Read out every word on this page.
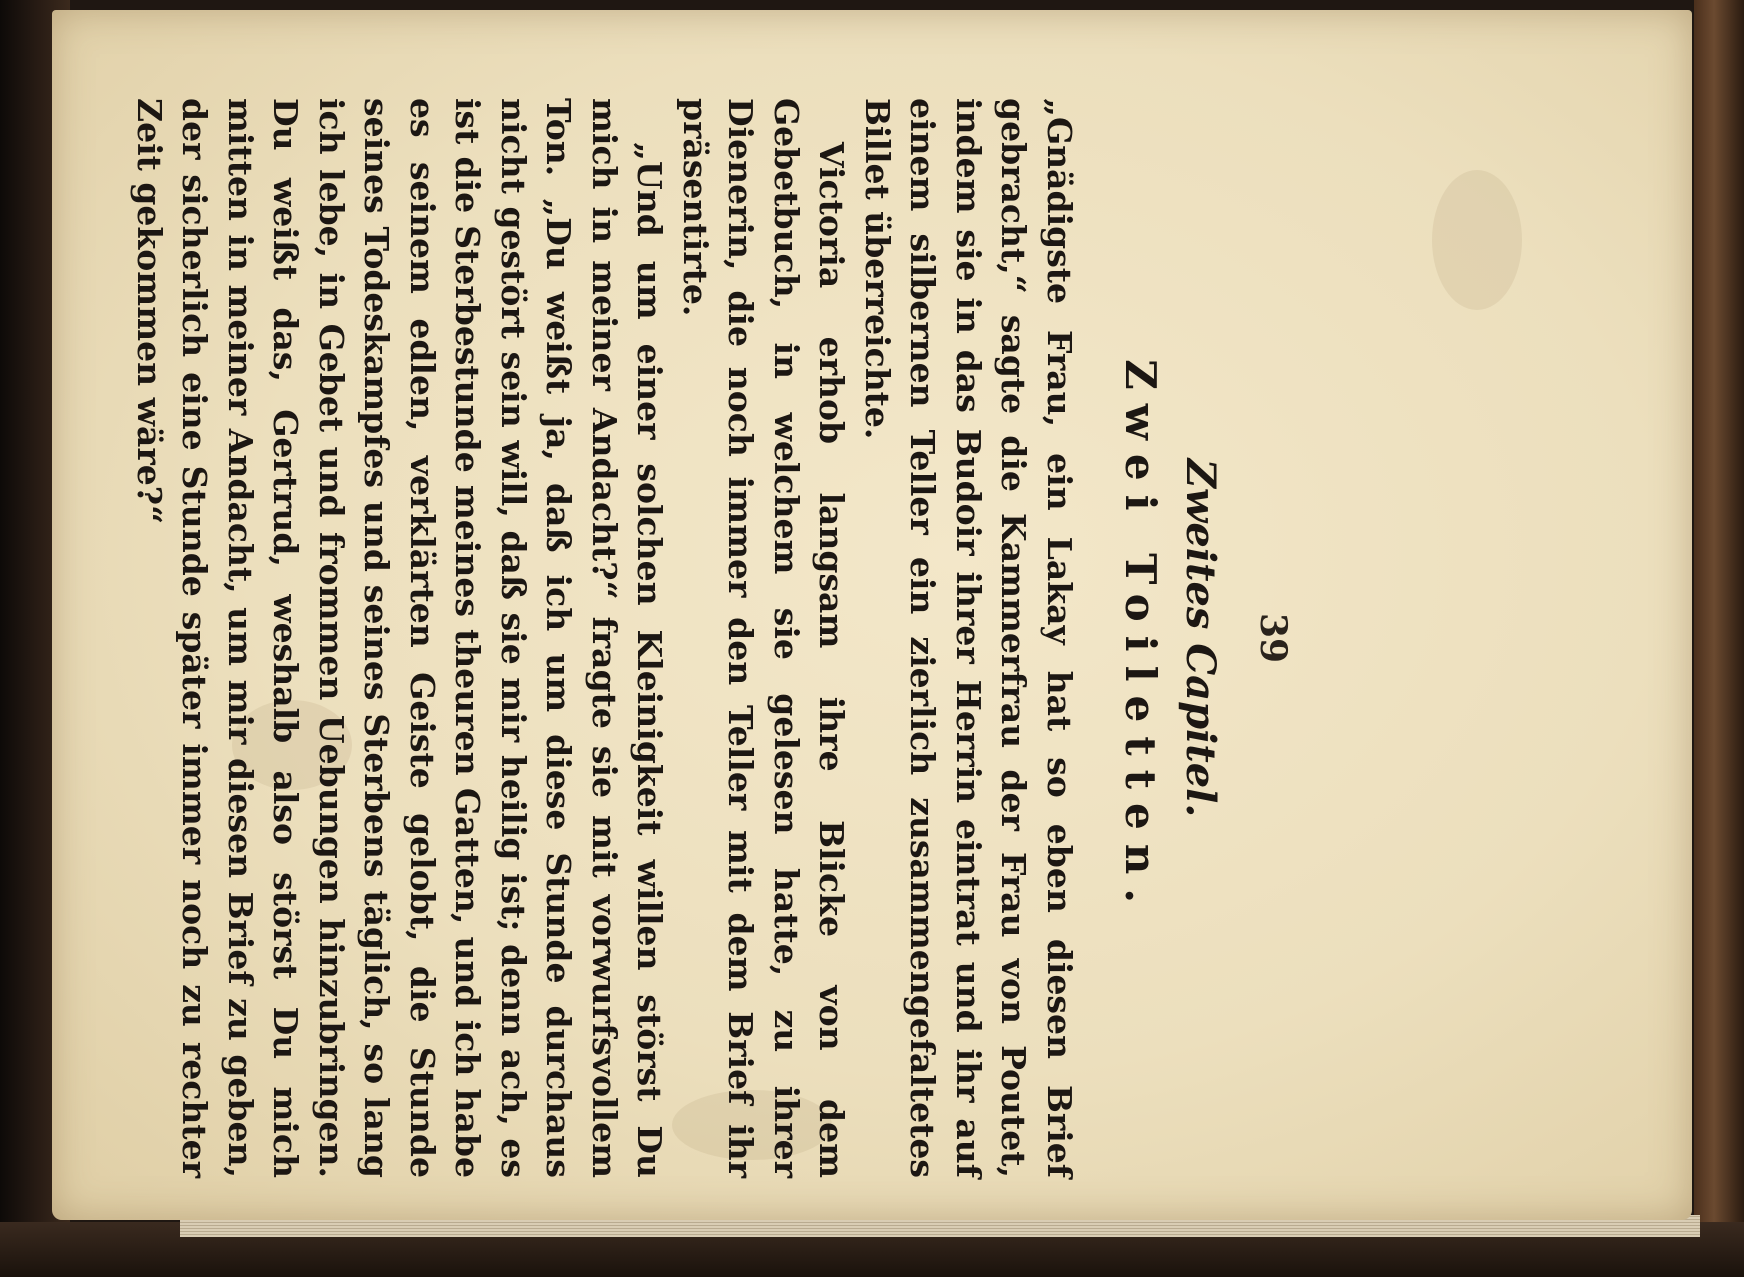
39
Zweites Capitel.
Zwei Toiletten.

„Gnädigste Frau, ein Lakay hat so eben diesen Brief gebracht,“ sagte die Kammerfrau der Frau von Poutet, indem sie in das Budoir ihrer Herrin eintrat und ihr auf einem silbernen Teller ein zierlich zusammengefaltetes Billet überreichte.

Victoria erhob langsam ihre Blicke von dem Gebetbuch, in welchem sie gelesen hatte, zu ihrer Dienerin, die noch immer den Teller mit dem Brief ihr präsentirte.

„Und um einer solchen Kleinigkeit willen störst Du mich in meiner Andacht?“ fragte sie mit vorwurfsvollem Ton. „Du weißt ja, daß ich um diese Stunde durchaus nicht gestört sein will, daß sie mir heilig ist; denn ach, es ist die Sterbestunde meines theuren Gatten, und ich habe es seinem edlen, verklärten Geiste gelobt, die Stunde seines Todeskampfes und seines Sterbens täglich, so lang ich lebe, in Gebet und frommen Uebungen hinzubringen. Du weißt das, Gertrud, weshalb also störst Du mich mitten in meiner Andacht, um mir diesen Brief zu geben, der sicherlich eine Stunde später immer noch zu rechter Zeit gekommen wäre?“
